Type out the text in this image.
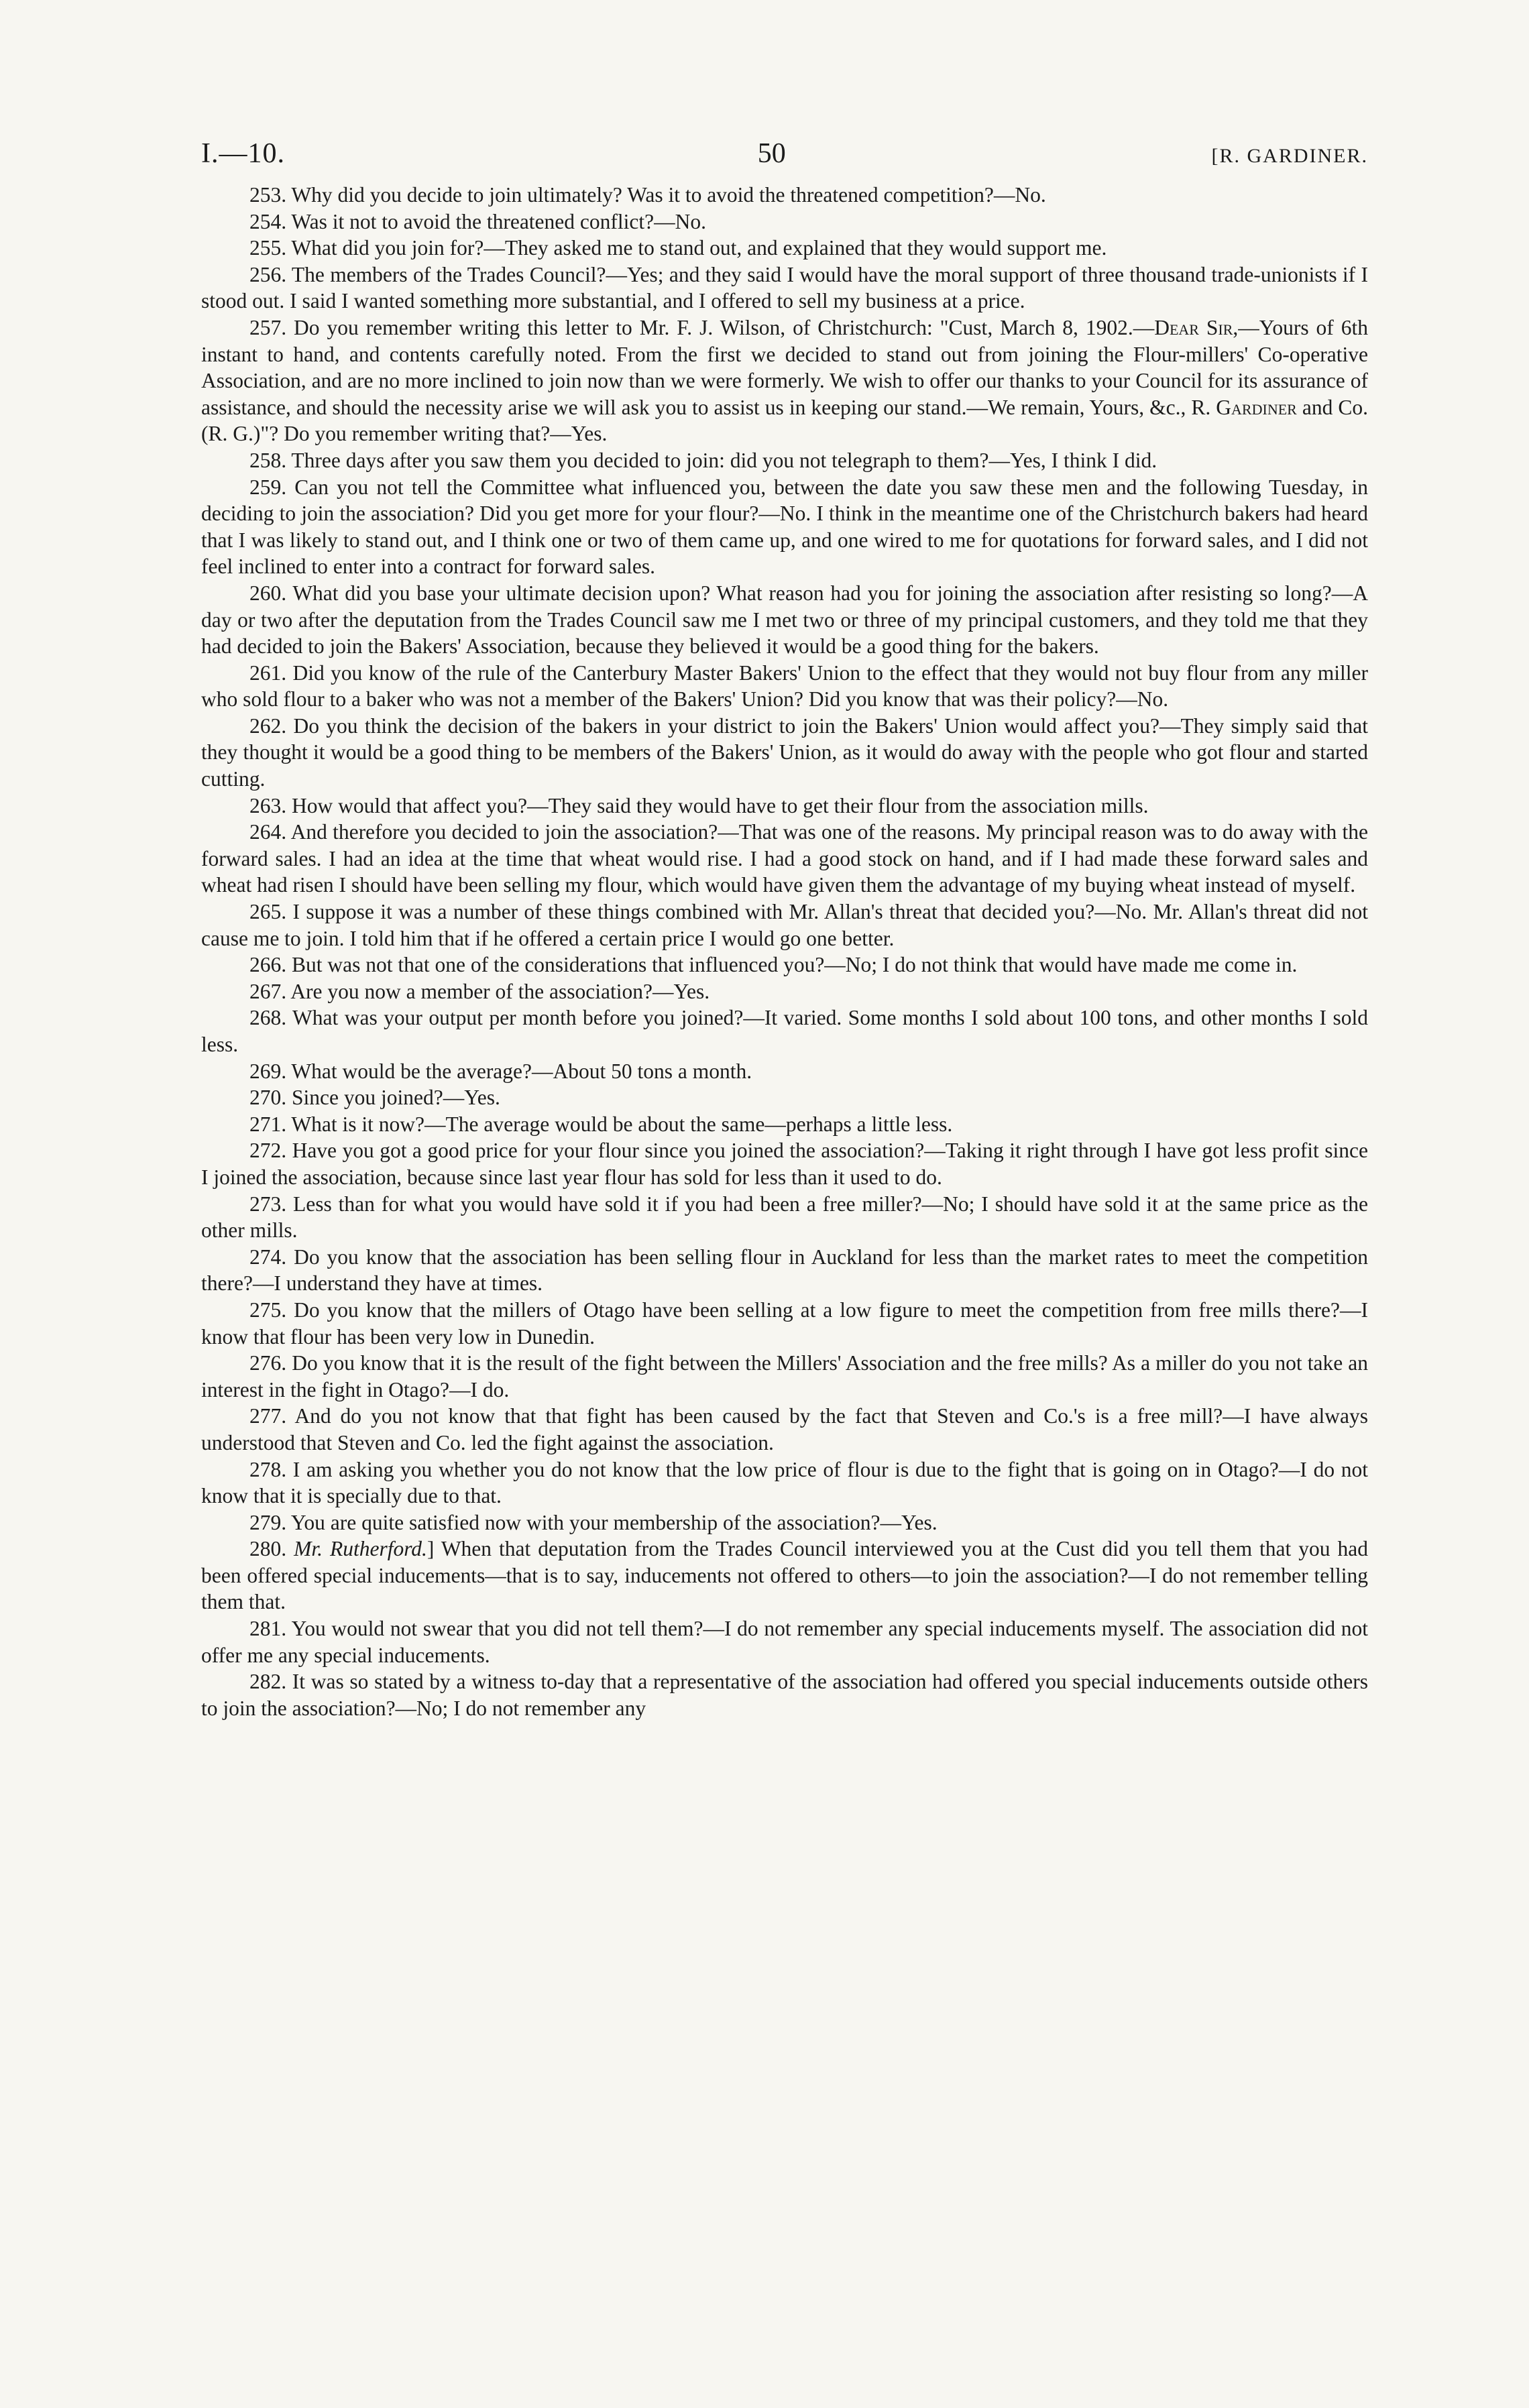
I.—10.	50	[R. GARDINER.

253. Why did you decide to join ultimately? Was it to avoid the threatened competition?—No.

254. Was it not to avoid the threatened conflict?—No.

255. What did you join for?—They asked me to stand out, and explained that they would support me.

256. The members of the Trades Council?—Yes; and they said I would have the moral support of three thousand trade-unionists if I stood out. I said I wanted something more substantial, and I offered to sell my business at a price.

257. Do you remember writing this letter to Mr. F. J. Wilson, of Christchurch: "Cust, March 8, 1902.—Dear Sir,—Yours of 6th instant to hand, and contents carefully noted. From the first we decided to stand out from joining the Flour-millers' Co-operative Association, and are no more inclined to join now than we were formerly. We wish to offer our thanks to your Council for its assurance of assistance, and should the necessity arise we will ask you to assist us in keeping our stand.—We remain, Yours, &c., R. Gardiner and Co. (R. G.)"? Do you remember writing that?—Yes.

258. Three days after you saw them you decided to join: did you not telegraph to them?—Yes, I think I did.

259. Can you not tell the Committee what influenced you, between the date you saw these men and the following Tuesday, in deciding to join the association? Did you get more for your flour?—No. I think in the meantime one of the Christchurch bakers had heard that I was likely to stand out, and I think one or two of them came up, and one wired to me for quotations for forward sales, and I did not feel inclined to enter into a contract for forward sales.

260. What did you base your ultimate decision upon? What reason had you for joining the association after resisting so long?—A day or two after the deputation from the Trades Council saw me I met two or three of my principal customers, and they told me that they had decided to join the Bakers' Association, because they believed it would be a good thing for the bakers.

261. Did you know of the rule of the Canterbury Master Bakers' Union to the effect that they would not buy flour from any miller who sold flour to a baker who was not a member of the Bakers' Union? Did you know that was their policy?—No.

262. Do you think the decision of the bakers in your district to join the Bakers' Union would affect you?—They simply said that they thought it would be a good thing to be members of the Bakers' Union, as it would do away with the people who got flour and started cutting.

263. How would that affect you?—They said they would have to get their flour from the association mills.

264. And therefore you decided to join the association?—That was one of the reasons. My principal reason was to do away with the forward sales. I had an idea at the time that wheat would rise. I had a good stock on hand, and if I had made these forward sales and wheat had risen I should have been selling my flour, which would have given them the advantage of my buying wheat instead of myself.

265. I suppose it was a number of these things combined with Mr. Allan's threat that decided you?—No. Mr. Allan's threat did not cause me to join. I told him that if he offered a certain price I would go one better.

266. But was not that one of the considerations that influenced you?—No; I do not think that would have made me come in.

267. Are you now a member of the association?—Yes.

268. What was your output per month before you joined?—It varied. Some months I sold about 100 tons, and other months I sold less.

269. What would be the average?—About 50 tons a month.

270. Since you joined?—Yes.

271. What is it now?—The average would be about the same—perhaps a little less.

272. Have you got a good price for your flour since you joined the association?—Taking it right through I have got less profit since I joined the association, because since last year flour has sold for less than it used to do.

273. Less than for what you would have sold it if you had been a free miller?—No; I should have sold it at the same price as the other mills.

274. Do you know that the association has been selling flour in Auckland for less than the market rates to meet the competition there?—I understand they have at times.

275. Do you know that the millers of Otago have been selling at a low figure to meet the competition from free mills there?—I know that flour has been very low in Dunedin.

276. Do you know that it is the result of the fight between the Millers' Association and the free mills? As a miller do you not take an interest in the fight in Otago?—I do.

277. And do you not know that that fight has been caused by the fact that Steven and Co.'s is a free mill?—I have always understood that Steven and Co. led the fight against the association.

278. I am asking you whether you do not know that the low price of flour is due to the fight that is going on in Otago?—I do not know that it is specially due to that.

279. You are quite satisfied now with your membership of the association?—Yes.

280. Mr. Rutherford.] When that deputation from the Trades Council interviewed you at the Cust did you tell them that you had been offered special inducements—that is to say, inducements not offered to others—to join the association?—I do not remember telling them that.

281. You would not swear that you did not tell them?—I do not remember any special inducements myself. The association did not offer me any special inducements.

282. It was so stated by a witness to-day that a representative of the association had offered you special inducements outside others to join the association?—No; I do not remember any
